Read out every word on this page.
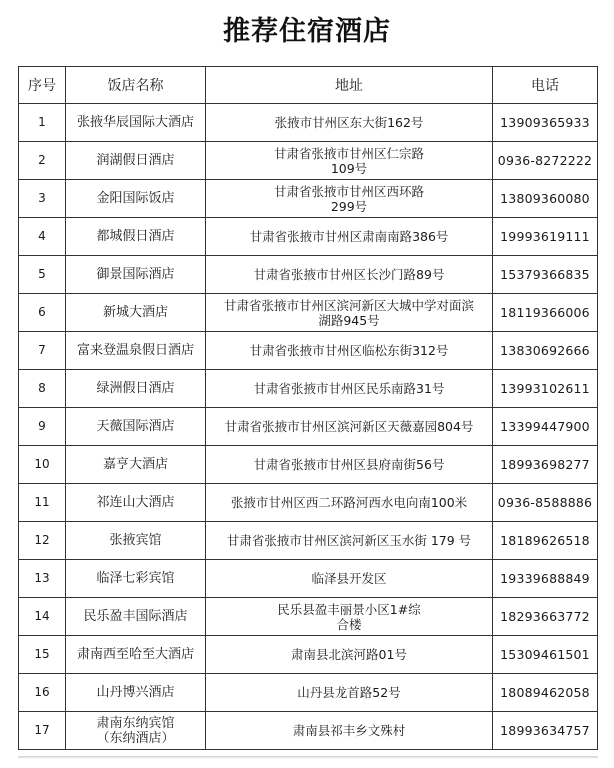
推荐住宿酒店
序号	饭店名称	地址	电话
1	张掖华辰国际大酒店	张掖市甘州区东大街162号	13909365933
2	润湖假日酒店	甘肃省张掖市甘州区仁宗路
109号	0936-8272222
3	金阳国际饭店	甘肃省张掖市甘州区西环路
299号	13809360080
4	都城假日酒店	甘肃省张掖市甘州区肃南南路386号	19993619111
5	御景国际酒店	甘肃省张掖市甘州区长沙门路89号	15379366835
6	新城大酒店	甘肃省张掖市甘州区滨河新区大城中学对面滨
湖路945号	18119366006
7	富来登温泉假日酒店	甘肃省张掖市甘州区临松东街312号	13830692666
8	绿洲假日酒店	甘肃省张掖市甘州区民乐南路31号	13993102611
9	天薇国际酒店	甘肃省张掖市甘州区滨河新区天薇嘉园804号	13399447900
10	嘉亨大酒店	甘肃省张掖市甘州区县府南街56号	18993698277
11	祁连山大酒店	张掖市甘州区西二环路河西水电向南100米	0936-8588886
12	张掖宾馆	甘肃省张掖市甘州区滨河新区玉水街 179 号	18189626518
13	临泽七彩宾馆	临泽县开发区	19339688849
14	民乐盈丰国际酒店	民乐县盈丰丽景小区1#综
合楼	18293663772
15	肃南西至哈至大酒店	肃南县北滨河路01号	15309461501
16	山丹博兴酒店	山丹县龙首路52号	18089462058
17	肃南东纳宾馆
（东纳酒店）	肃南县祁丰乡文殊村	18993634757
